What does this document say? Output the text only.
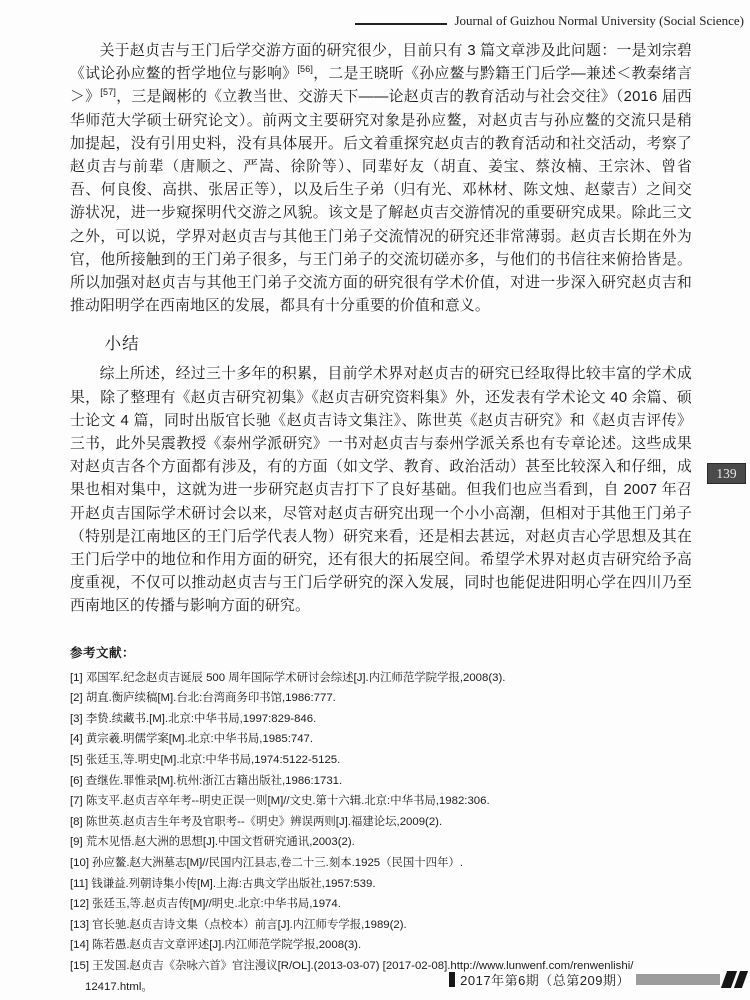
Journal of Guizhou Normal University (Social Science)

关于赵贞吉与王门后学交游方面的研究很少，目前只有 3 篇文章涉及此问题：一是刘宗碧《试论孙应鳌的哲学地位与影响》[56]，二是王晓昕《孙应鳌与黔籍王门后学—兼述＜教秦绪言＞》[57]，三是阚彬的《立教当世、交游天下——论赵贞吉的教育活动与社会交往》（2016 届西华师范大学硕士研究论文）。前两文主要研究对象是孙应鳌，对赵贞吉与孙应鳌的交流只是稍加提起，没有引用史料，没有具体展开。后文着重探究赵贞吉的教育活动和社交活动，考察了赵贞吉与前辈（唐顺之、严嵩、徐阶等）、同辈好友（胡直、姜宝、蔡汝楠、王宗沐、曾省吾、何良俊、高拱、张居正等），以及后生子弟（归有光、邓林材、陈文烛、赵蒙吉）之间交游状况，进一步窥探明代交游之风貌。该文是了解赵贞吉交游情况的重要研究成果。除此三文之外，可以说，学界对赵贞吉与其他王门弟子交流情况的研究还非常薄弱。赵贞吉长期在外为官，他所接触到的王门弟子很多，与王门弟子的交流切磋亦多，与他们的书信往来俯拾皆是。所以加强对赵贞吉与其他王门弟子交流方面的研究很有学术价值，对进一步深入研究赵贞吉和推动阳明学在西南地区的发展，都具有十分重要的价值和意义。

小结

综上所述，经过三十多年的积累，目前学术界对赵贞吉的研究已经取得比较丰富的学术成果，除了整理有《赵贞吉研究初集》《赵贞吉研究资料集》外，还发表有学术论文 40 余篇、硕士论文 4 篇，同时出版官长驰《赵贞吉诗文集注》、陈世英《赵贞吉研究》和《赵贞吉评传》三书，此外吴震教授《泰州学派研究》一书对赵贞吉与泰州学派关系也有专章论述。这些成果对赵贞吉各个方面都有涉及，有的方面（如文学、教育、政治活动）甚至比较深入和仔细，成果也相对集中，这就为进一步研究赵贞吉打下了良好基础。但我们也应当看到，自 2007 年召开赵贞吉国际学术研讨会以来，尽管对赵贞吉研究出现一个小小高潮，但相对于其他王门弟子（特别是江南地区的王门后学代表人物）研究来看，还是相去甚远，对赵贞吉心学思想及其在王门后学中的地位和作用方面的研究，还有很大的拓展空间。希望学术界对赵贞吉研究给予高度重视，不仅可以推动赵贞吉与王门后学研究的深入发展，同时也能促进阳明心学在四川乃至西南地区的传播与影响方面的研究。

参考文献：
[1] 邓国军.纪念赵贞吉诞辰 500 周年国际学术研讨会综述[J].内江师范学院学报,2008(3).
[2] 胡直.衡庐续稿[M].台北:台湾商务印书馆,1986:777.
[3] 李贽.续藏书.[M].北京:中华书局,1997:829-846.
[4] 黄宗羲.明儒学案[M].北京:中华书局,1985:747.
[5] 张廷玉,等.明史[M].北京:中华书局,1974:5122-5125.
[6] 查继佐.罪惟录[M].杭州:浙江古籍出版社,1986:1731.
[7] 陈支平.赵贞吉卒年考--明史正误一则[M]//文史.第十六辑.北京:中华书局,1982:306.
[8] 陈世英.赵贞吉生年考及官职考--《明史》辨误两则[J].福建论坛,2009(2).
[9] 荒木见悟.赵大洲的思想[J].中国文哲研究通讯,2003(2).
[10] 孙应鳌.赵大洲墓志[M]//民国内江县志,卷二十三.刻本.1925（民国十四年）.
[11] 钱谦益.列朝诗集小传[M].上海:古典文学出版社,1957:539.
[12] 张廷玉,等.赵贞吉传[M]//明史.北京:中华书局,1974.
[13] 官长驰.赵贞吉诗文集（点校本）前言[J].内江师专学报,1989(2).
[14] 陈若愚.赵贞吉文章评述[J].内江师范学院学报,2008(3).
[15] 王发国.赵贞吉《杂咏六首》官注漫议[R/OL].(2013-03-07) [2017-02-08].http://www.lunwenf.com/renwenlishi/
12417.html。
139
2017年第6期（总第209期）
